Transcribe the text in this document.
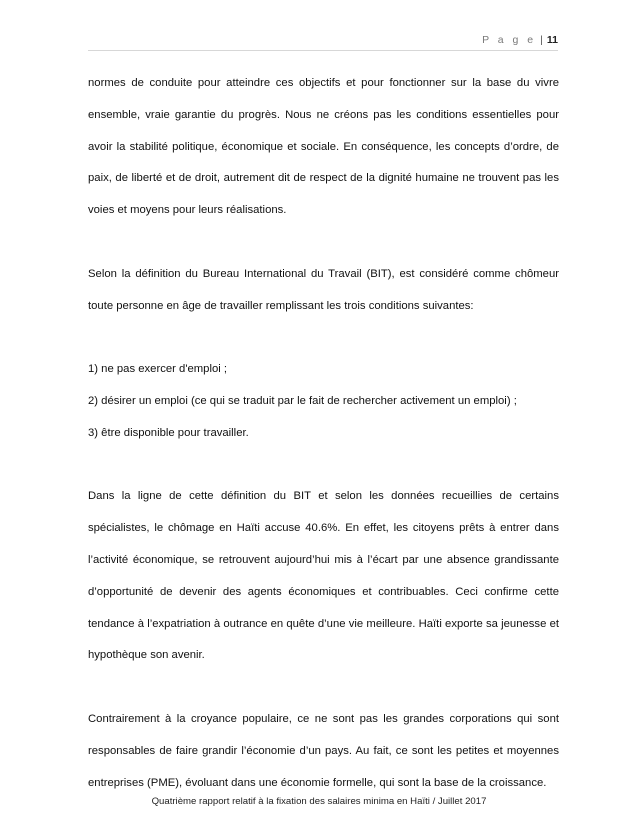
P a g e | 11

normes de conduite pour atteindre ces objectifs et pour fonctionner sur la base du vivre ensemble, vraie garantie du progrès. Nous ne créons pas les conditions essentielles pour avoir la stabilité politique, économique et sociale. En conséquence, les concepts d’ordre, de paix, de liberté et de droit, autrement dit de respect de la dignité humaine ne trouvent pas les voies et moyens pour leurs réalisations.

Selon la définition du Bureau International du Travail (BIT), est considéré comme chômeur toute personne en âge de travailler remplissant les trois conditions suivantes:

1) ne pas exercer d'emploi ;

2) désirer un emploi (ce qui se traduit par le fait de rechercher activement un emploi) ;

3) être disponible pour travailler.

Dans la ligne de cette définition du BIT et selon les données recueillies de certains spécialistes, le chômage en Haïti accuse 40.6%. En effet, les citoyens prêts à entrer dans l’activité économique, se retrouvent aujourd’hui mis à l’écart par une absence grandissante d’opportunité de devenir des agents économiques et contribuables. Ceci confirme cette tendance à l’expatriation à outrance en quête d’une vie meilleure. Haïti exporte sa jeunesse et hypothèque son avenir.

Contrairement à la croyance populaire, ce ne sont pas les grandes corporations qui sont responsables de faire grandir l’économie d’un pays. Au fait, ce sont les petites et moyennes entreprises (PME), évoluant dans une économie formelle, qui sont la base de la croissance.

Quatrième rapport relatif à la fixation des salaires minima en Haïti / Juillet 2017
